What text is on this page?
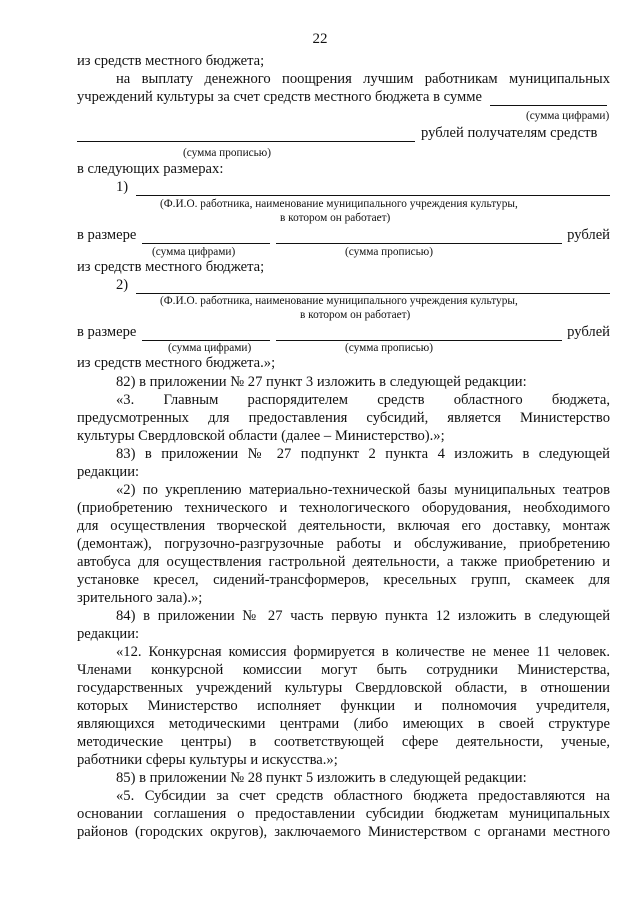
22
из средств местного бюджета;
на выплату денежного поощрения лучшим работникам муниципальных
учреждений культуры за счет средств местного бюджета в сумме
(сумма цифрами)
рублей получателям средств
(сумма прописью)
в следующих размерах:
1)
(Ф.И.О. работника, наименование муниципального учреждения культуры,
в котором он работает)
в размере	рублей
(сумма цифрами)	(сумма прописью)
из средств местного бюджета;
2)
(Ф.И.О. работника, наименование муниципального учреждения культуры,
в котором он работает)
в размере	рублей
(сумма цифрами)	(сумма прописью)
из средств местного бюджета.»;
82) в приложении № 27 пункт 3 изложить в следующей редакции:
«3. Главным распорядителем средств областного бюджета,
предусмотренных для предоставления субсидий, является Министерство
культуры Свердловской области (далее – Министерство).»;
83) в приложении № 27 подпункт 2 пункта 4 изложить в следующей
редакции:
«2) по укреплению материально-технической базы муниципальных театров
(приобретению технического и технологического оборудования, необходимого
для осуществления творческой деятельности, включая его доставку, монтаж
(демонтаж), погрузочно-разгрузочные работы и обслуживание, приобретению
автобуса для осуществления гастрольной деятельности, а также приобретению и
установке кресел, сидений-трансформеров, кресельных групп, скамеек для
зрительного зала).»;
84) в приложении № 27 часть первую пункта 12 изложить в следующей
редакции:
«12. Конкурсная комиссия формируется в количестве не менее 11 человек.
Членами конкурсной комиссии могут быть сотрудники Министерства,
государственных учреждений культуры Свердловской области, в отношении
которых Министерство исполняет функции и полномочия учредителя,
являющихся методическими центрами (либо имеющих в своей структуре
методические центры) в соответствующей сфере деятельности, ученые,
работники сферы культуры и искусства.»;
85) в приложении № 28 пункт 5 изложить в следующей редакции:
«5. Субсидии за счет средств областного бюджета предоставляются на
основании соглашения о предоставлении субсидии бюджетам муниципальных
районов (городских округов), заключаемого Министерством с органами местного
